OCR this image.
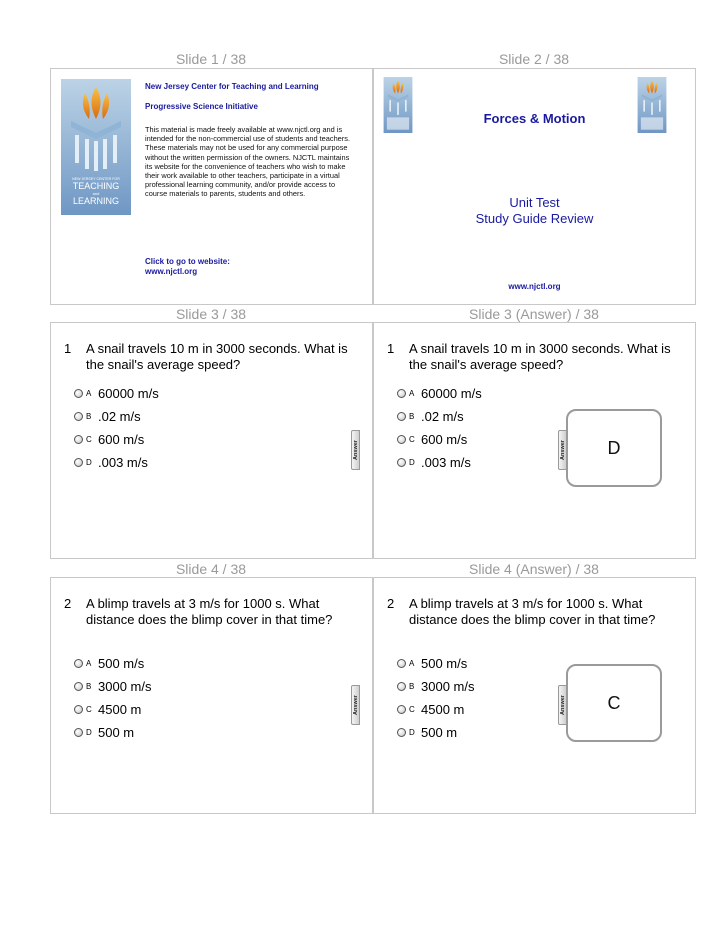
Slide 1 / 38	Slide 2 / 38
NEW JERSEY CENTER FOR
TEACHING
and
LEARNING
New Jersey Center for Teaching and Learning
Progressive Science Initiative
This material is made freely available at www.njctl.org and is intended for the non-commercial use of students and teachers. These materials may not be used for any commercial purpose without the written permission of the owners. NJCTL maintains its website for the convenience of teachers who wish to make their work available to other teachers, participate in a virtual professional learning community, and/or provide access to course materials to parents, students and others.
Click to go to website:
www.njctl.org
Forces & Motion
Unit Test
Study Guide Review
www.njctl.org
Slide 3 / 38	Slide 3 (Answer) / 38
1 A snail travels 10 m in 3000 seconds. What is the snail's average speed?
A 60000 m/s
B .02 m/s
C 600 m/s
D .003 m/s
Answer
1 A snail travels 10 m in 3000 seconds. What is the snail's average speed?
A 60000 m/s
B .02 m/s
C 600 m/s
D .003 m/s
Answer	D
Slide 4 / 38	Slide 4 (Answer) / 38
2 A blimp travels at 3 m/s for 1000 s. What distance does the blimp cover in that time?
A 500 m/s
B 3000 m/s
C 4500 m
D 500 m
Answer
2 A blimp travels at 3 m/s for 1000 s. What distance does the blimp cover in that time?
A 500 m/s
B 3000 m/s
C 4500 m
D 500 m
Answer	C
